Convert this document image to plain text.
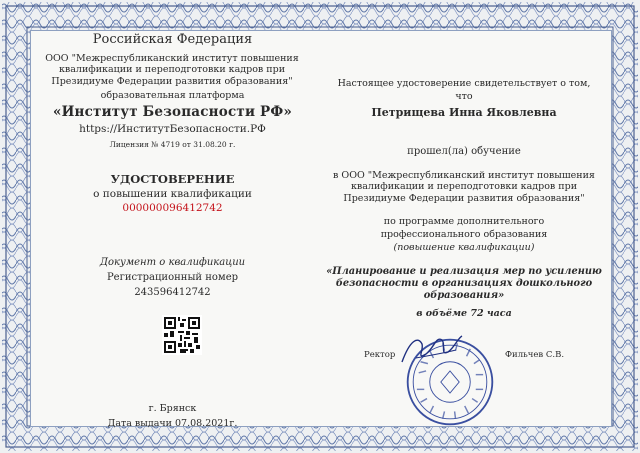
Российская Федерация
ООО "Межреспубликанский институт повышения квалификации и переподготовки кадров при Президиуме Федерации развития образования"
образовательная платформа
«Институт Безопасности РФ»
https://ИнститутБезопасности.РФ
Лицензия № 4719 от 31.08.20 г.
УДОСТОВЕРЕНИЕ
о повышении квалификации
000000096412742
Документ о квалификации
Регистрационный номер
243596412742
г. Брянск
Дата выдачи 07.08.2021г.
Настоящее удостоверение свидетельствует о том,
что
Петрищева Инна Яковлевна
прошел(ла) обучение
в ООО "Межреспубликанский институт повышения квалификации и переподготовки кадров при Президиуме Федерации развития образования"
по программе дополнительного
профессионального образования
(повышение квалификации)
«Планирование и реализация мер по усилению безопасности в организациях дошкольного образования»
в объёме 72 часа
Ректор	Фильчев С.В.
